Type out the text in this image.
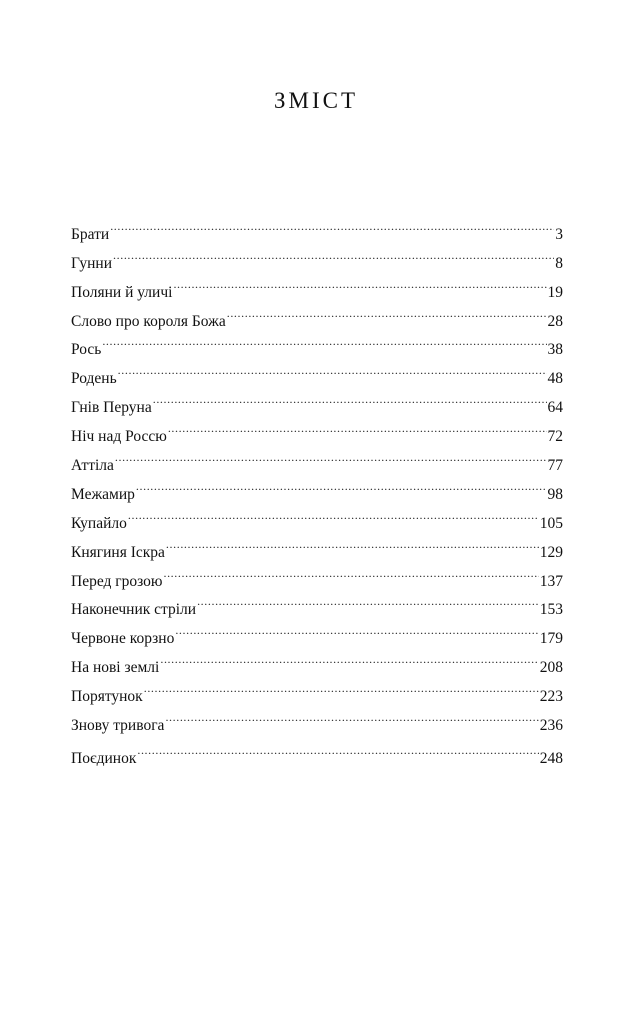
ЗМІСТ
Брати .....	3
Гунни .....	8
Поляни й уличі .....	19
Слово про короля Божа .....	28
Рось .....	38
Родень .....	48
Гнів Перуна .....	64
Ніч над Россю .....	72
Аттіла .....	77
Межамир .....	98
Купайло .....	105
Княгиня Іскра .....	129
Перед грозою .....	137
Наконечник стріли .....	153
Червоне корзно .....	179
На нові землі .....	208
Порятунок .....	223
Знову тривога .....	236
Поєдинок .....	248
